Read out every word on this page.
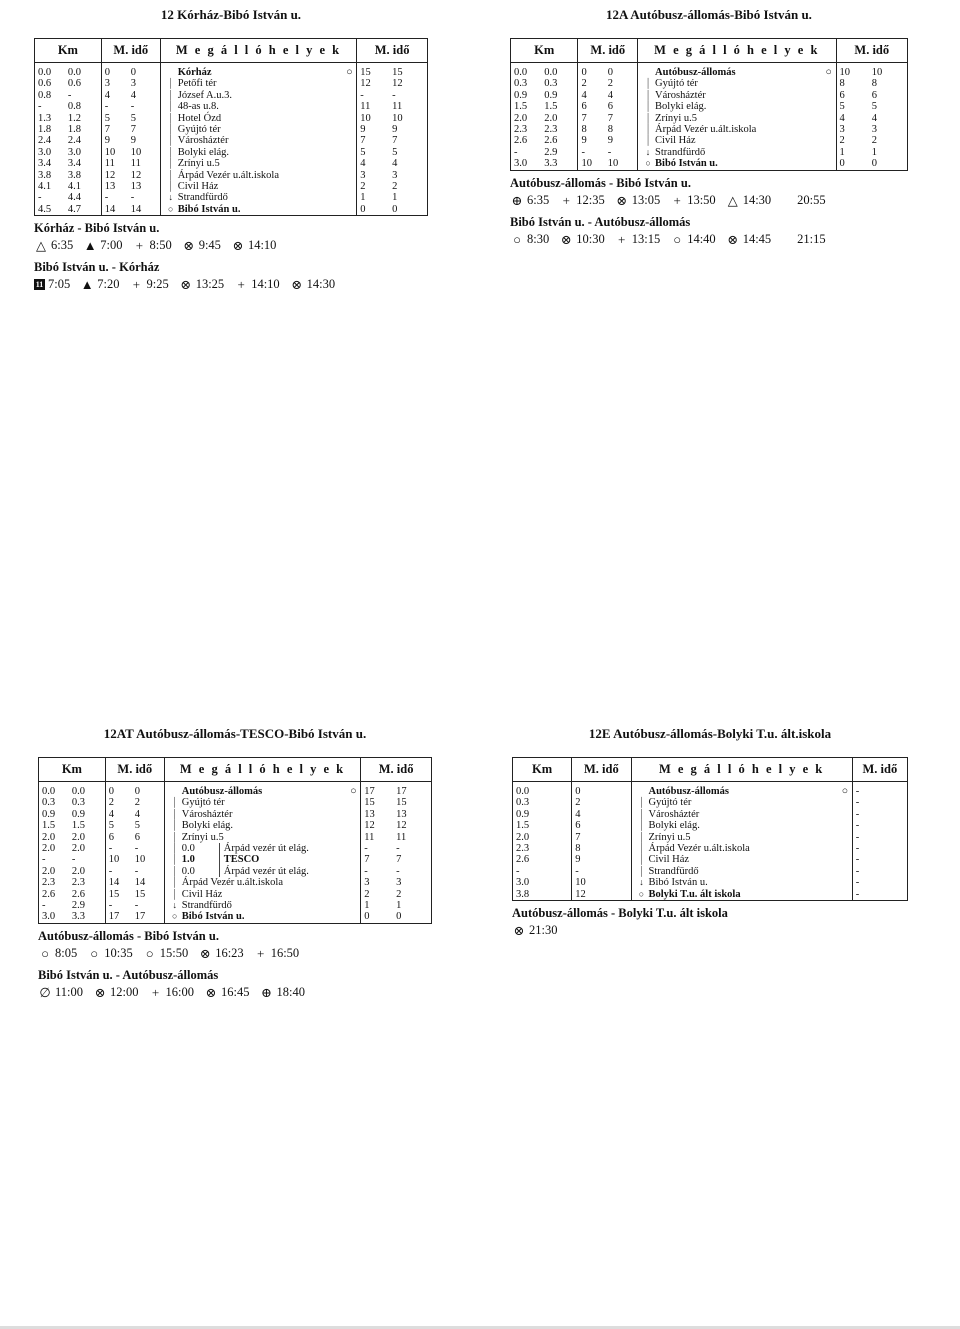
12 Kórház-Bibó István u.
Km	M. idő	M e g á l l ó h e l y e k	M. idő
0.0 0.0	0 0	Kórház	○ 15 15
0.6 0.6	3 3	│ Petőfi tér	12 12
0.8 -	4 4	│ József A.u.3.	- -
- 0.8	- -	│ 48-as u.8.	11 11
1.3 1.2	5 5	│ Hotel Ózd	10 10
1.8 1.8	7 7	│ Gyújtó tér	9 9
2.4 2.4	9 9	│ Városháztér	7 7
3.0 3.0	10 10	│ Bolyki elág.	5 5
3.4 3.4	11 11	│ Zrínyi u.5	4 4
3.8 3.8	12 12	│ Árpád Vezér u.ált.iskola	3 3
4.1 4.1	13 13	│ Civil Ház	2 2
- 4.4	- -	↓ Strandfürdő	1 1
4.5 4.7	14 14	○ Bibó István u.	0 0
Kórház - Bibó István u.
△ 6:35 ▲ 7:00 + 8:50 ⊗ 9:45 ⊗ 14:10
Bibó István u. - Kórház
11 7:05 ▲ 7:20 + 9:25 ⊗ 13:25 + 14:10 ⊗ 14:30
12A Autóbusz-állomás-Bibó István u.
Km	M. idő	M e g á l l ó h e l y e k	M. idő
0.0 0.0	0 0	Autóbusz-állomás	○ 10 10
0.3 0.3	2 2	│ Gyújtó tér	8 8
0.9 0.9	4 4	│ Városháztér	6 6
1.5 1.5	6 6	│ Bolyki elág.	5 5
2.0 2.0	7 7	│ Zrínyi u.5	4 4
2.3 2.3	8 8	│ Árpád Vezér u.ált.iskola	3 3
2.6 2.6	9 9	│ Civil Ház	2 2
- 2.9	- -	↓ Strandfürdő	1 1
3.0 3.3	10 10	○ Bibó István u.	0 0
Autóbusz-állomás - Bibó István u.
⊕ 6:35 + 12:35 ⊗ 13:05 + 13:50 △ 14:30 20:55
Bibó István u. - Autóbusz-állomás
○ 8:30 ⊗ 10:30 + 13:15 ○ 14:40 ⊗ 14:45 21:15
12AT Autóbusz-állomás-TESCO-Bibó István u.
Km	M. idő	M e g á l l ó h e l y e k	M. idő
0.0 0.0	0 0	Autóbusz-állomás	○ 17 17
0.3 0.3	2 2	│ Gyújtó tér	15 15
0.9 0.9	4 4	│ Városháztér	13 13
1.5 1.5	5 5	│ Bolyki elág.	12 12
2.0 2.0	6 6	│ Zrínyi u.5	11 11
2.0 2.0	- -	│ 0.0 Árpád vezér út elág.	- -
- -	10 10	│ 1.0 TESCO	7 7
2.0 2.0	- -	│ 0.0 Árpád vezér út elág.	- -
2.3 2.3	14 14	│ Árpád Vezér u.ált.iskola	3 3
2.6 2.6	15 15	│ Civil Ház	2 2
- 2.9	- -	↓ Strandfürdő	1 1
3.0 3.3	17 17	○ Bibó István u.	0 0
Autóbusz-állomás - Bibó István u.
○ 8:05 ○ 10:35 ○ 15:50 ⊗ 16:23 + 16:50
Bibó István u. - Autóbusz-állomás
∅ 11:00 ⊗ 12:00 + 16:00 ⊗ 16:45 ⊕ 18:40
12E Autóbusz-állomás-Bolyki T.u. ált.iskola
Km	M. idő	M e g á l l ó h e l y e k	M. idő
0.0	0	Autóbusz-állomás	○ -
0.3	2	│ Gyújtó tér	-
0.9	4	│ Városháztér	-
1.5	6	│ Bolyki elág.	-
2.0	7	│ Zrínyi u.5	-
2.3	8	│ Árpád Vezér u.ált.iskola	-
2.6	9	│ Civil Ház	-
-	-	│ Strandfürdő	-
3.0	10	↓ Bibó István u.	-
3.8	12	○ Bolyki T.u. ált iskola	-
Autóbusz-állomás - Bolyki T.u. ált iskola
⊗ 21:30
